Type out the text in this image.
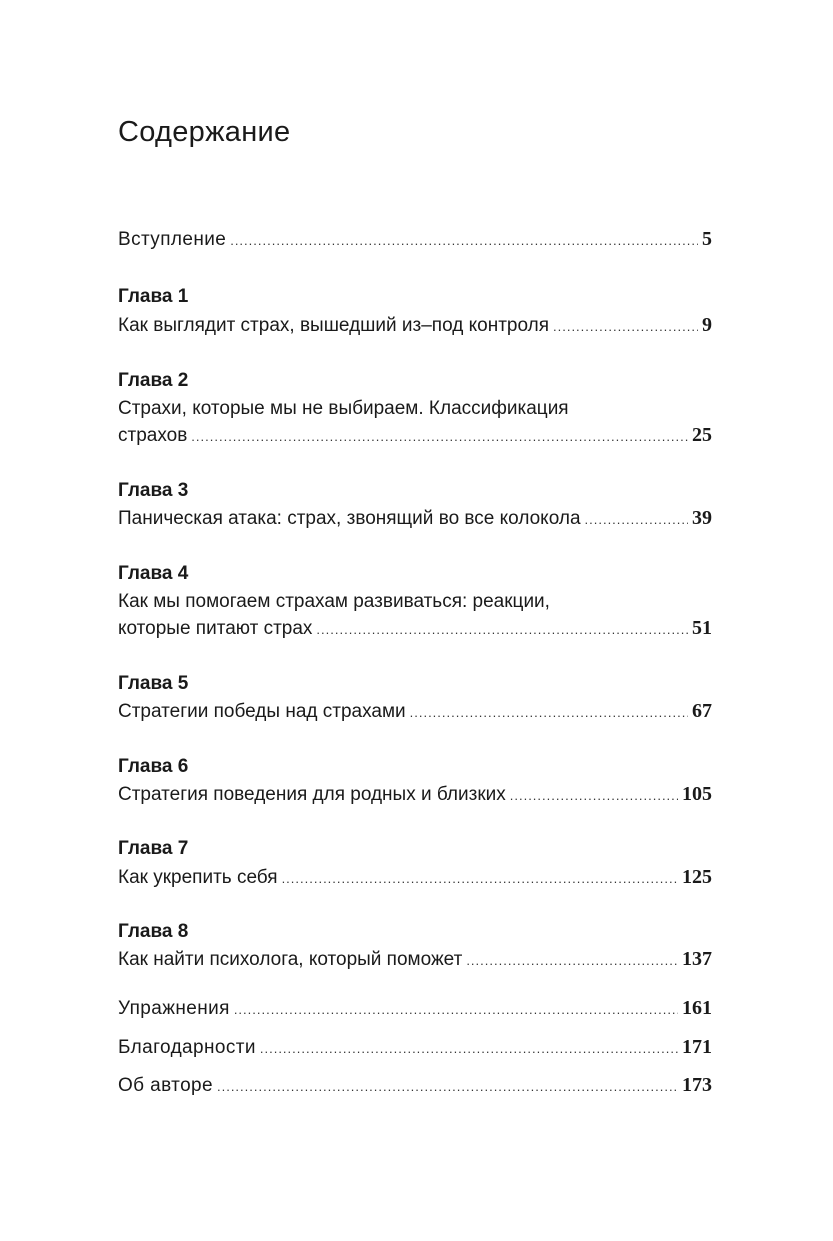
Содержание
Вступление .....	5
Глава 1
Как выглядит страх, вышедший из–под контроля .....	9
Глава 2
Страхи, которые мы не выбираем. Классификация
страхов .....	25
Глава 3
Паническая атака: страх, звонящий во все колокола .....	39
Глава 4
Как мы помогаем страхам развиваться: реакции,
которые питают страх .....	51
Глава 5
Стратегии победы над страхами .....	67
Глава 6
Стратегия поведения для родных и близких .....	105
Глава 7
Как укрепить себя .....	125
Глава 8
Как найти психолога, который поможет .....	137
Упражнения .....	161
Благодарности .....	171
Об авторе .....	173
